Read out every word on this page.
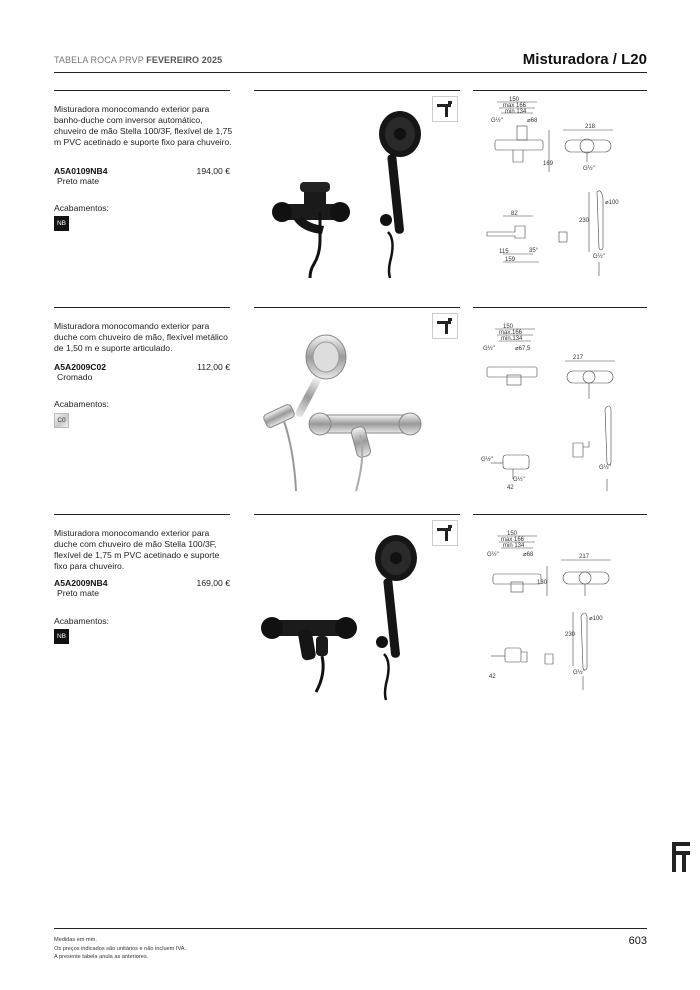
TABELA ROCA PRVP FEVEREIRO 2025	Misturadora / L20
Misturadora monocomando exterior para banho-duche com inversor automático, chuveiro de mão Stella 100/3F, flexível de 1,75 m PVC acetinado e suporte fixo para chuveiro.
A5A0109NB4	194,00 €
Preto mate
Acabamentos:
NB
150
max 166
min 134
G½"	⌀68
218
169
G½"
82
⌀100
230
115	35°
159	G½"
Misturadora monocomando exterior para duche com chuveiro de mão, flexível metálico de 1,50 m e suporte articulado.
A5A2009C02	112,00 €
Cromado
Acabamentos:
C0
150
max.166
min.134
G½"	⌀67,5
217
G½"
G½"
42
G½"
Misturadora monocomando exterior para duche com chuveiro de mão Stella 100/3F, flexível de 1,75 m PVC acetinado e suporte fixo para chuveiro.
A5A2009NB4	169,00 €
Preto mate
Acabamentos:
NB
150
max 166
min 134
G½"	⌀68	217
130
⌀100
230
42
G½"
Medidas em mm.
Os preços indicados são unitários e não incluem IVA.
A presente tabela anula as anteriores.
603
